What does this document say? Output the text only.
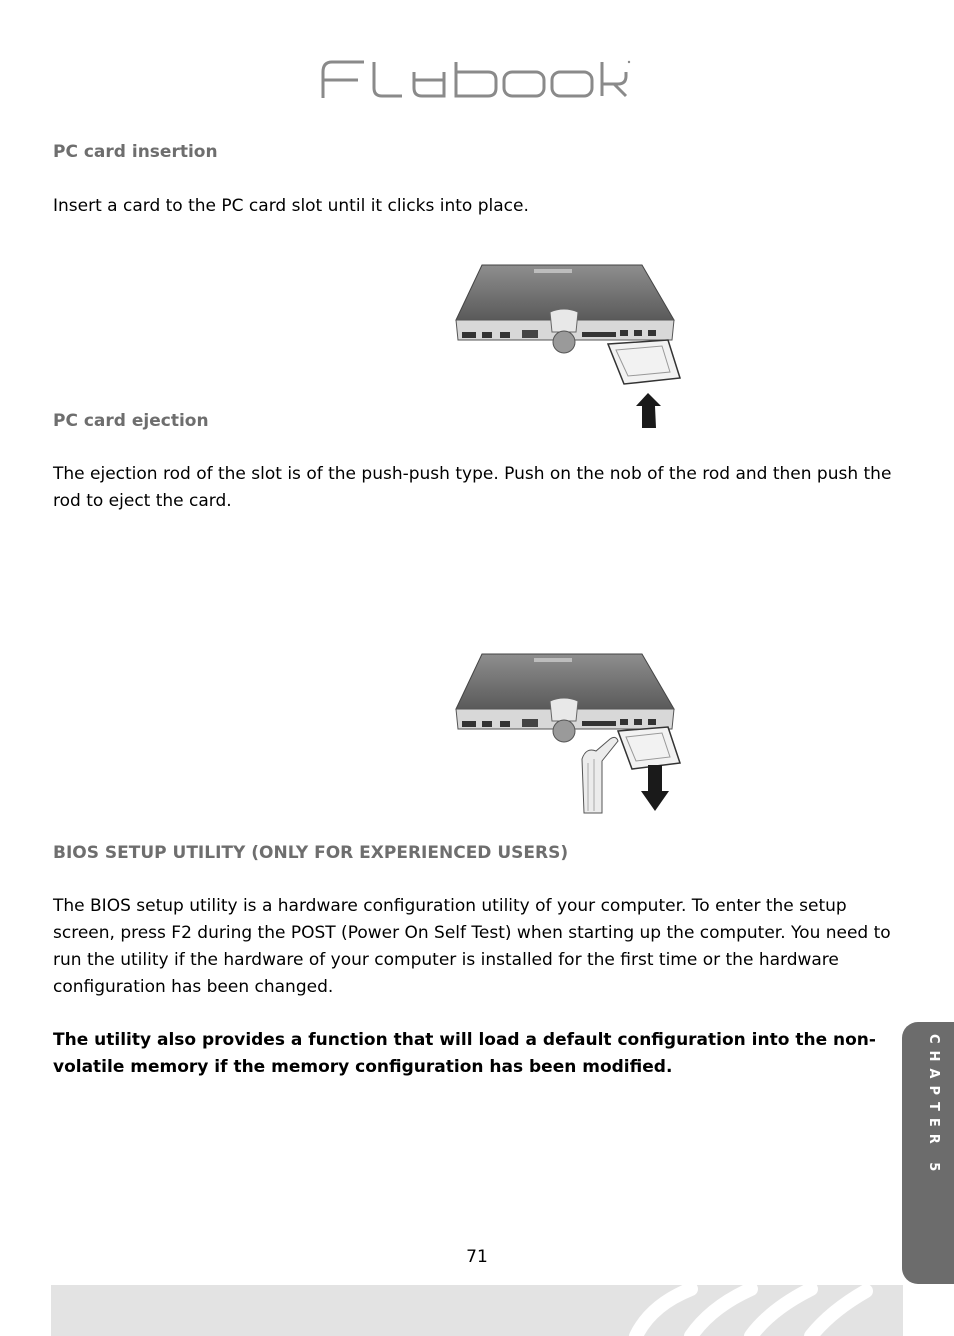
Flybook
PC card insertion

Insert a card to the PC card slot until it clicks into place.

PC card ejection

The ejection rod of the slot is of the push-push type. Push on the nob of the rod and then push the rod to eject the card.

BIOS SETUP UTILITY (ONLY FOR EXPERIENCED USERS)

The BIOS setup utility is a hardware configuration utility of your computer. To enter the setup screen, press F2 during the POST (Power On Self Test) when starting up the computer. You need to run the utility if the hardware of your computer is installed for the first time or the hardware configuration has been changed.

The utility also provides a function that will load a default configuration into the non-volatile memory if the memory configuration has been modified.	CHAPTER 5
71
